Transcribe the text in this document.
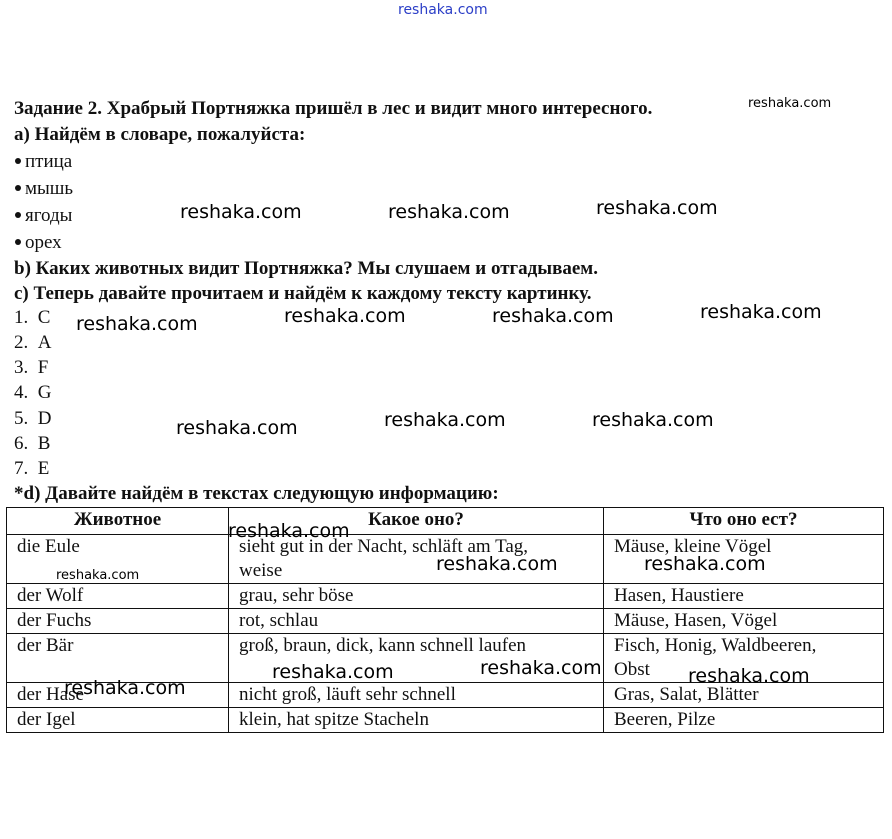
reshaka.com
Задание 2. Храбрый Портняжка пришёл в лес и видит много интересного.	reshaka.com
a) Найдём в словаре, пожалуйста:
птица
мышь
ягоды
орех
reshaka.com	reshaka.com	reshaka.com
b) Каких животных видит Портняжка? Мы слушаем и отгадываем.
c) Теперь давайте прочитаем и найдём к каждому тексту картинку.
1. C
2. A
3. F
4. G
5. D
6. B
7. E
reshaka.com	reshaka.com	reshaka.com	reshaka.com
reshaka.com	reshaka.com	reshaka.com
*d) Давайте найдём в текстах следующую информацию:
Животное	Какое оно?	Что оно ест?
die Eule	sieht gut in der Nacht, schläft am Tag,
weise	Mäuse, kleine Vögel

der Wolf	grau, sehr böse	Hasen, Haustiere

der Fuchs	rot, schlau	Mäuse, Hasen, Vögel

der Bär	groß, braun, dick, kann schnell laufen	Fisch, Honig, Waldbeeren,
Obst

der Hase	nicht groß, läuft sehr schnell	Gras, Salat, Blätter

der Igel	klein, hat spitze Stacheln	Beeren, Pilze
reshaka.com
reshaka.com
reshaka.com	reshaka.com
reshaka.com	reshaka.com	reshaka.com
reshaka.com
